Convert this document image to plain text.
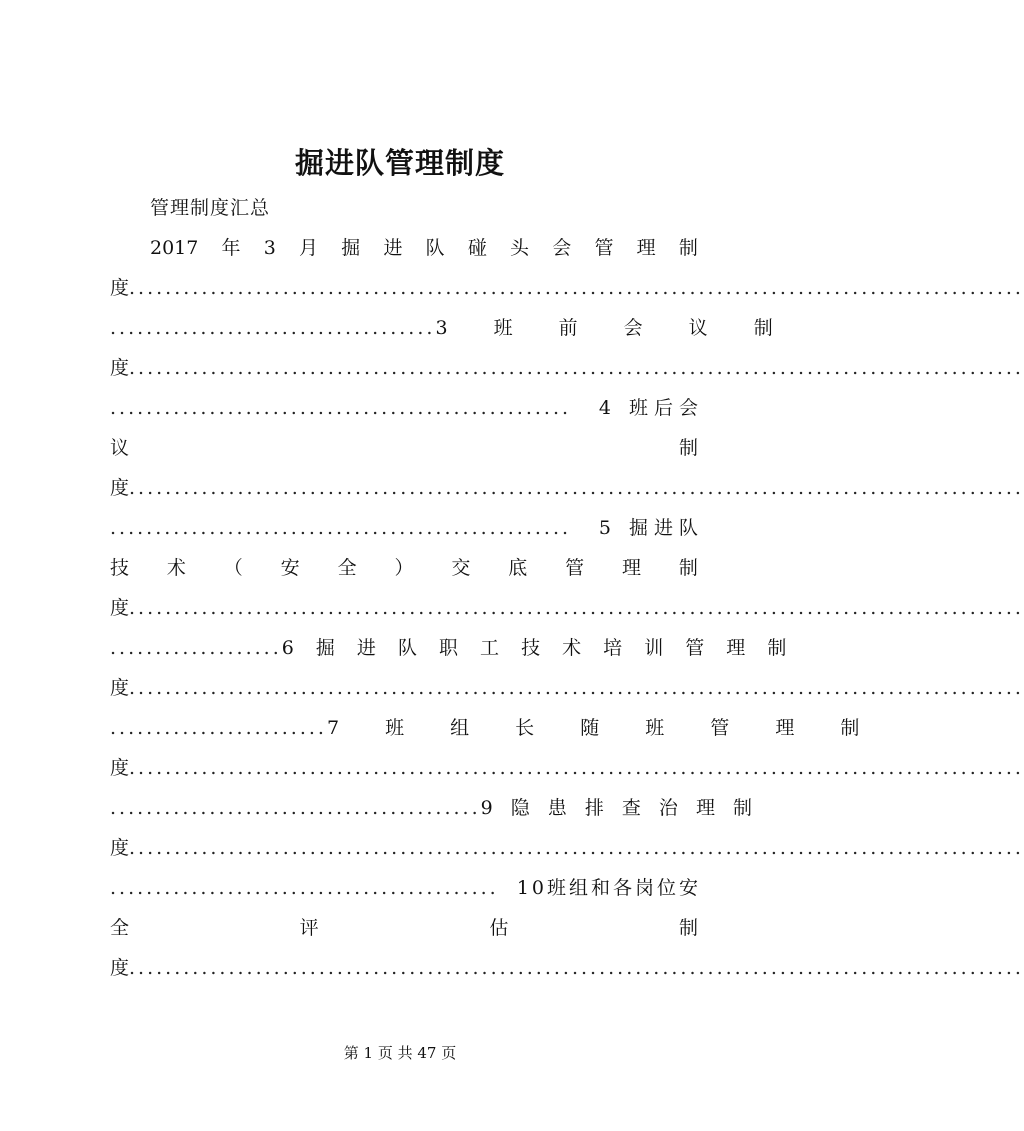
掘进队管理制度
管理制度汇总
2017 年 3 月 掘 进 队 碰 头 会 管 理 制
度 ...................................................................................................
.................................... 3 班 前 会 议 制
度 ...................................................................................................
...................................................	4 班后会
议	制
度 ...................................................................................................
...................................................	5 掘进队
技 术 （ 安 全 ） 交 底 管 理 制
度 ...................................................................................................
................... 6 掘 进 队 职 工 技 术 培 训 管 理 制
度 ...................................................................................................
........................ 7 班 组 长 随 班 管 理 制
度 ...................................................................................................
......................................... 9 隐 患 排 查 治 理 制
度 ...................................................................................................
........................................... 10班组和各岗位安
全	评	估	制
度 ...................................................................................................
第 1 页 共 47 页
